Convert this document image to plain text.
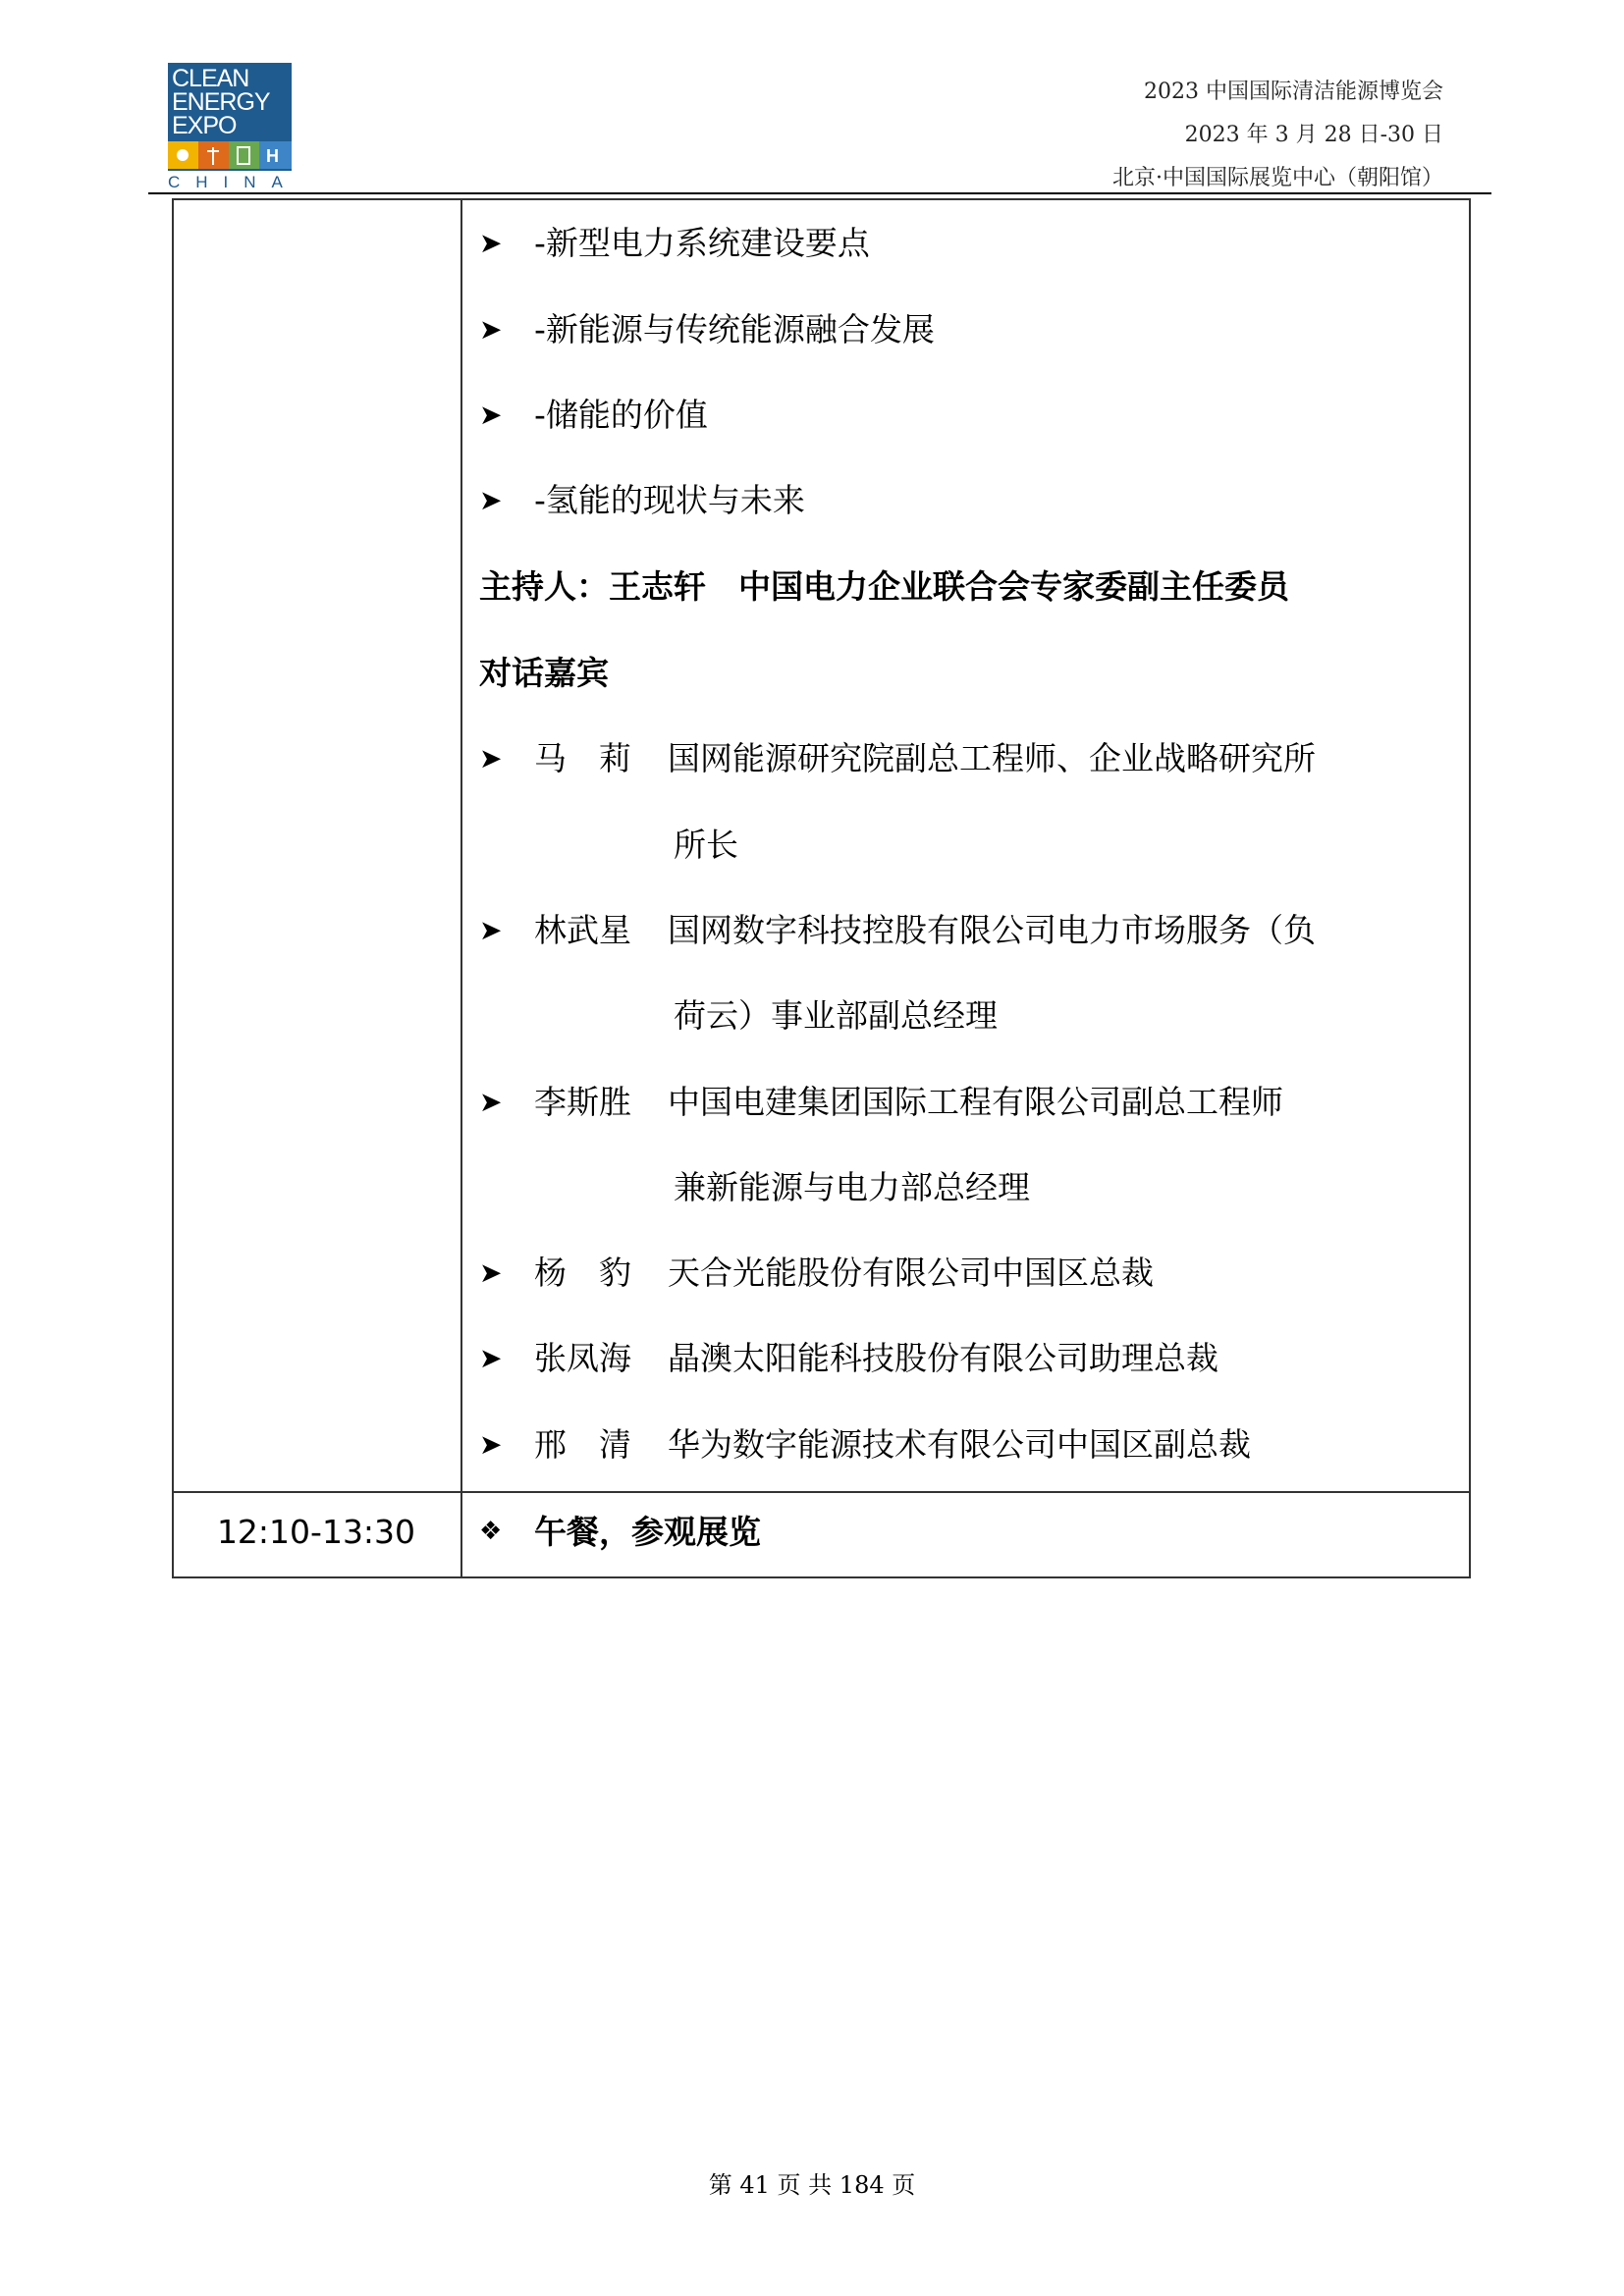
CLEAN
ENERGY
EXPO
H
CHINA
2023 中国国际清洁能源博览会
2023 年 3 月 28 日-30 日
北京·中国国际展览中心（朝阳馆）
➤ -新型电力系统建设要点
➤ -新能源与传统能源融合发展
➤ -储能的价值
➤ -氢能的现状与未来
主持人：王志轩　中国电力企业联合会专家委副主任委员
对话嘉宾
➤ 马　莉 国网能源研究院副总工程师、企业战略研究所
所长
➤ 林武星 国网数字科技控股有限公司电力市场服务（负
荷云）事业部副总经理
➤ 李斯胜 中国电建集团国际工程有限公司副总工程师
兼新能源与电力部总经理
➤ 杨　豹 天合光能股份有限公司中国区总裁
➤ 张凤海 晶澳太阳能科技股份有限公司助理总裁
➤ 邢　清 华为数字能源技术有限公司中国区副总裁
12:10-13:30	❖ 午餐，参观展览
第 41 页 共 184 页
